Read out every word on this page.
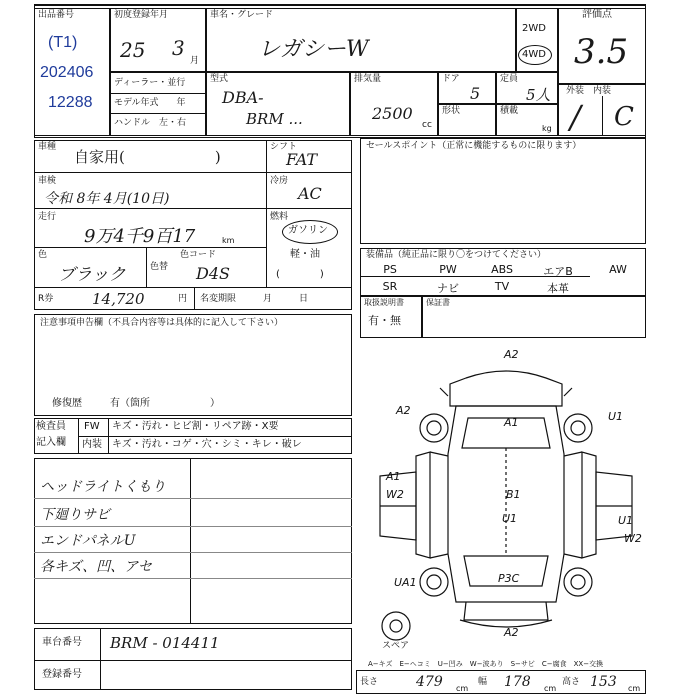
出品番号
(T1)
202406
12288
初度登録年月
25 3
月
車名・グレード
レガシーW
2WD
4WD
評価点
3.5
ディーラー・並行
モデル年式　　年
ハンドル　左・右
型式
DBA-
BRM ...
排気量
2500
cc
ドア
5
定員
5人
形状	積載
kg
外装　内装
/ C
車種
自家用(　　　　　　)
車検
令和 8年 4月(10日)
走行
9万4千9百17	km
色
ブラック	色替
色コード
D4S
R券	14,720	円 名変期限　　　月　　　日
シフト
FAT
冷房
AC
燃料
ガソリン
軽・油
(　　　　)
セールスポイント（正常に機能するものに限ります）
装備品（純正品に限り〇をつけてください）
PS	PW	ABS	エアB	AW
SR	ナビ	TV	本革
取扱説明書
有・無
保証書
注意事項申告欄（不具合内容等は具体的に記入して下さい）
修復歴	有（箇所　　　　　　）
検査員
記入欄
FW
内装
キズ・汚れ・ヒビ割・リペア跡・X要
キズ・汚れ・コゲ・穴・シミ・キレ・破レ
ヘッドライトくもり
下廻りサビ
エンドパネルU
各キズ、凹、アセ
車台番号 BRM - 014411
登録番号
A2
A2	U1
A1
A1
W2	B1
U1	U1
W2
UA1	P3C
A2
スペア
A−キズ　E−ヘコミ　U−凹み　W−波あり　S−サビ　C−腐食　XX−交換
長さ	479 cm
幅 178 cm
高さ 153 cm
